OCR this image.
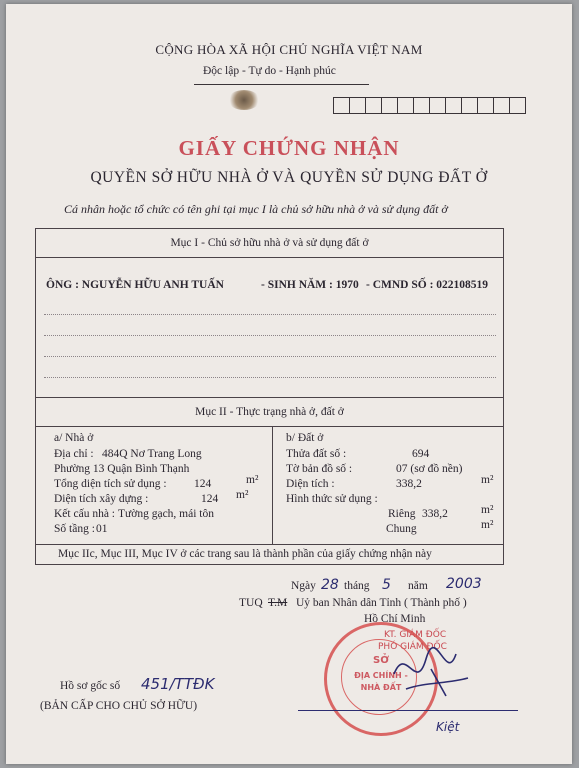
CỘNG HÒA XÃ HỘI CHỦ NGHĨA VIỆT NAM
Độc lập - Tự do - Hạnh phúc
GIẤY CHỨNG NHẬN
QUYỀN SỞ HỮU NHÀ Ở VÀ QUYỀN SỬ DỤNG ĐẤT Ở
Cá nhân hoặc tổ chức có tên ghi tại mục I là chủ sở hữu nhà ở và sử dụng đất ở
Mục I - Chủ sở hữu nhà ở và sử dụng đất ở
ÔNG : NGUYỄN HỮU ANH TUẤN	- SINH NĂM : 1970 - CMND SỐ : 022108519
Mục II - Thực trạng nhà ở, đất ở
a/ Nhà ở
Địa chỉ : 484Q Nơ Trang Long
Phường 13 Quận Bình Thạnh
Tổng diện tích sử dụng : 124	m²
Diện tích xây dựng :	124 m²
Kết cấu nhà : Tường gạch, mái tôn
Số tầng : 01
b/ Đất ở
Thửa đất số :	694
Tờ bản đồ số :	07 (sơ đồ nền)
Diện tích :	338,2	m²
Hình thức sử dụng :
Riêng 338,2	m²
Chung	m²
Mục IIc, Mục III, Mục IV ở các trang sau là thành phần của giấy chứng nhận này
Ngày 28 tháng 5 năm 2003
TUQ T.M Uỷ ban Nhân dân Tỉnh ( Thành phố )
Hồ Chí Minh
KT. GIÁM ĐỐC
PHÓ GIÁM ĐỐC
SỞ
ĐỊA CHÍNH -
NHÀ ĐẤT
Kiệt
Hồ sơ gốc số 451/TTĐK
(BẢN CẤP CHO CHỦ SỞ HỮU)
